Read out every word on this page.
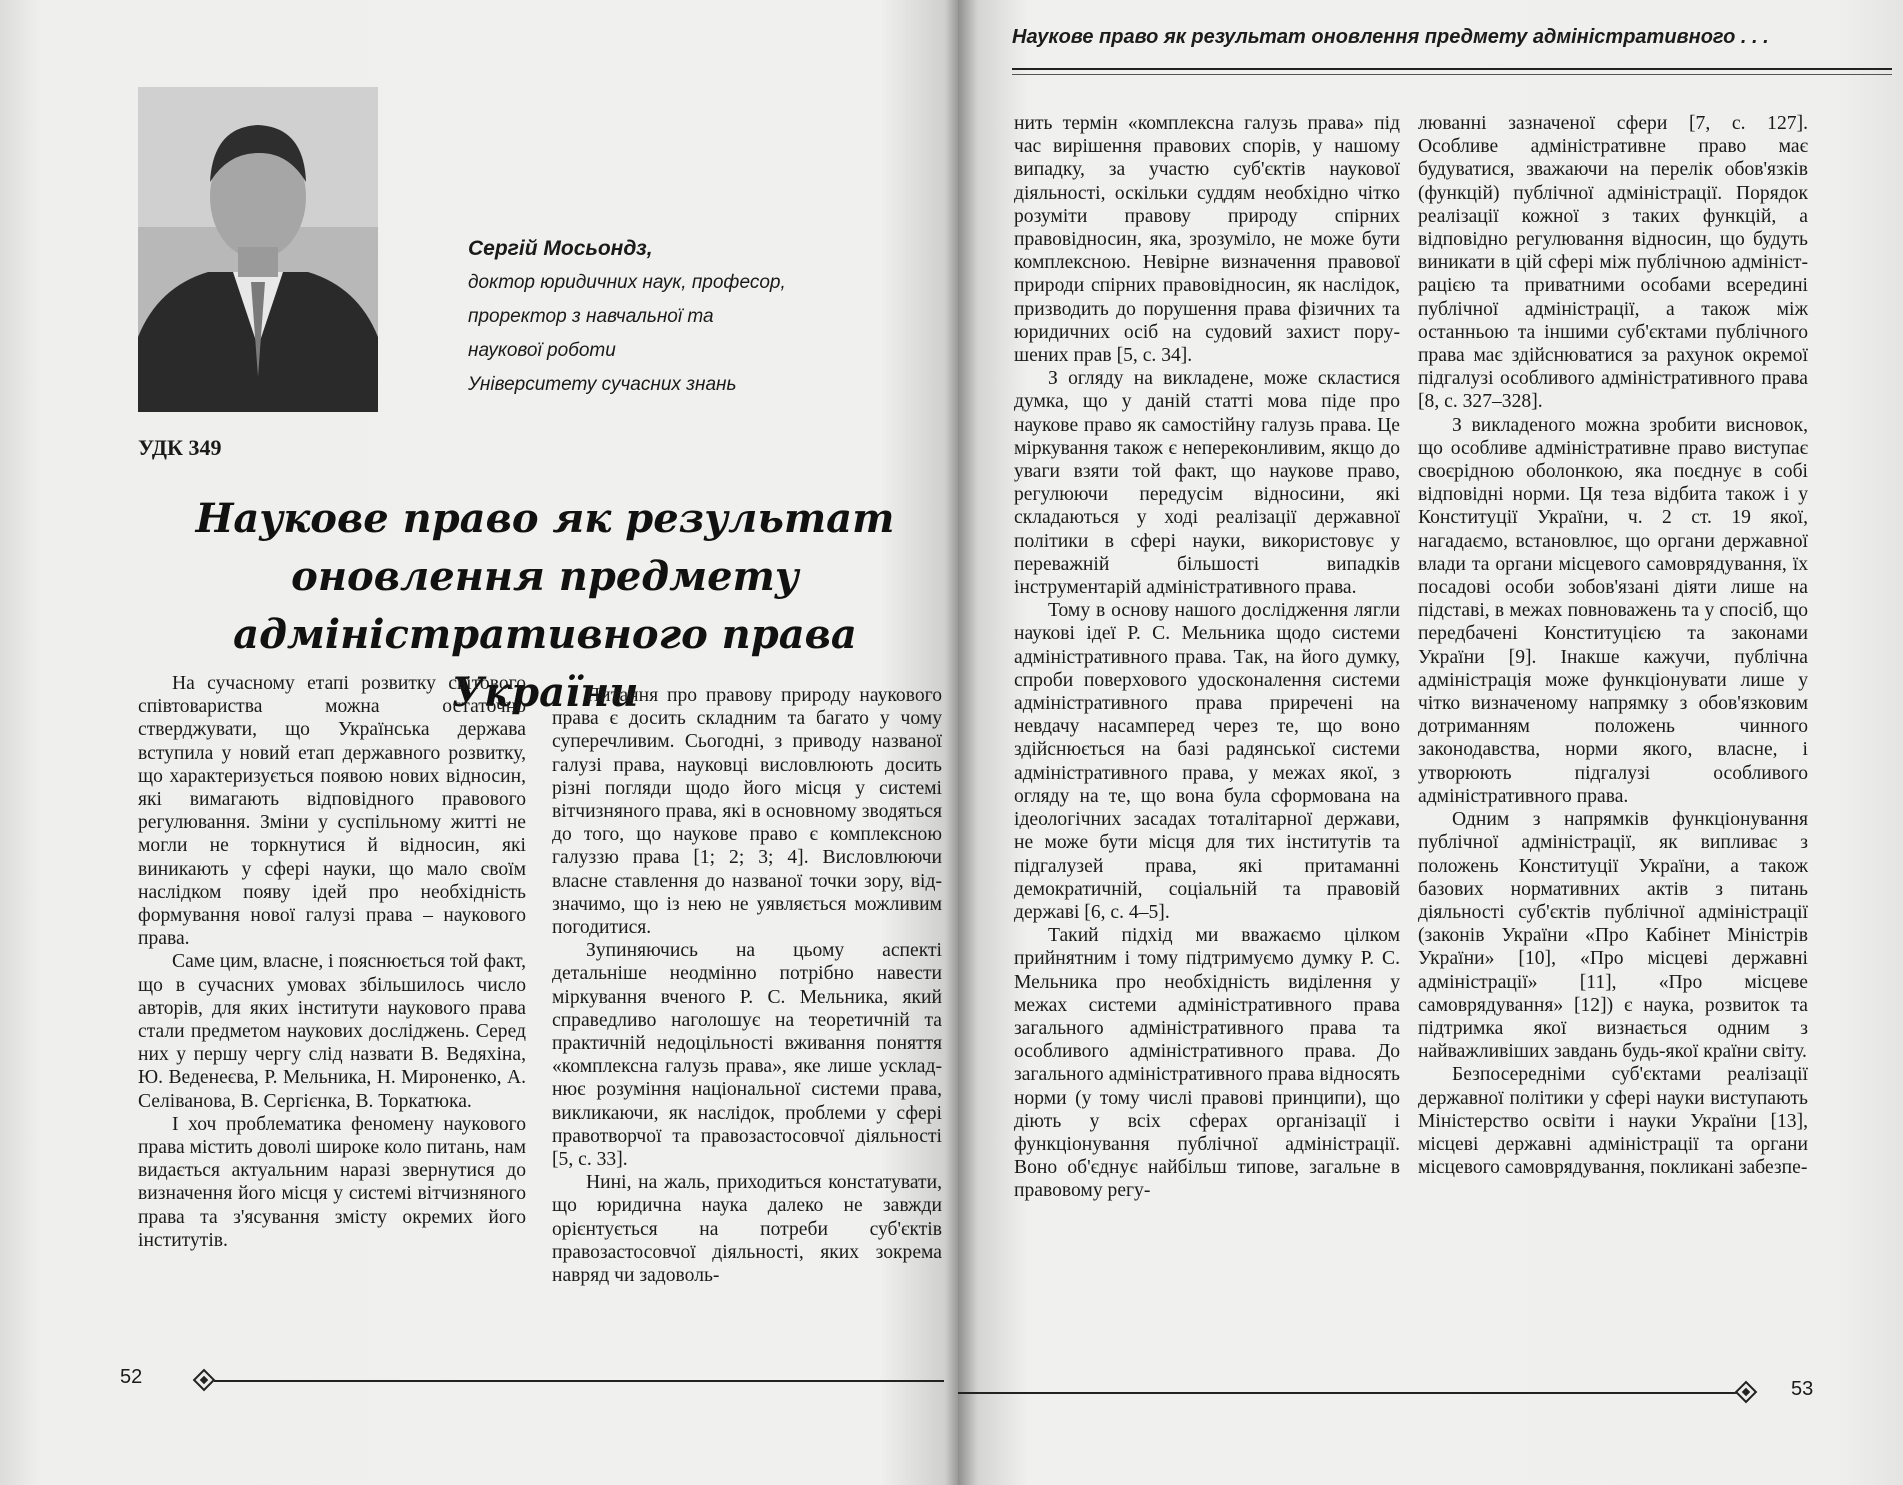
Сергій Мосьондз,
доктор юридичних наук, професор,
проректор з навчальної та
наукової роботи
Університету сучасних знань
УДК 349
Наукове право як результат
оновлення предмету
адміністративного права України

На сучасному етапі розвитку світового співтовариства можна остаточно стверджувати, що Українська держава вступила у новий етап державного розвитку, що характеризується появою нових відносин, які вимагають відповідного правового регулювання. Зміни у суспільному житті не могли не торкнутися й відносин, які виникають у сфері науки, що мало своїм наслідком появу ідей про необхідність формування нової галузі права – наукового права.

Саме цим, власне, і пояснюється той факт, що в сучасних умовах збільшилось число авторів, для яких інститути наукового права стали предметом наукових досліджень. Серед них у першу чергу слід назвати В. Ведяхіна, Ю. Веденеєва, Р. Мельника, Н. Мироненко, А. Селіванова, В. Сергієнка, В. Торкатюка.

І хоч проблематика феномену наукового права містить доволі широке коло питань, нам видається актуальним наразі звернутися до визначення його місця у системі вітчизняного права та з'ясування змісту окремих його інститутів.

Питання про правову природу наукового права є досить складним та багато у чому суперечливим. Сьогодні, з приводу названої галузі права, науковці висловлюють досить різні погляди щодо його місця у системі вітчизняного права, які в основному зводяться до того, що наукове право є комплексною галуззю права [1; 2; 3; 4]. Висловлюючи власне ставлення до названої точки зору, відзначимо, що із нею не уявляється можливим погодитися.

Зупиняючись на цьому аспекті детальніше неодмінно потрібно навести міркування вченого Р. С. Мельника, який справедливо наголошує на теоретичній та практичній недоцільності вживання поняття «комплексна галузь права», яке лише ускладнює розуміння національної системи права, викликаючи, як наслідок, проблеми у сфері правотворчої та правозастосовчої діяльності [5, с. 33].

Нині, на жаль, приходиться констатувати, що юридична наука далеко не завжди орієнтується на потреби суб'єктів правозастосовчої діяльності, яких зокрема навряд чи задоволь-

52
Наукове право як результат оновлення предмету адміністративного . . .

нить термін «комплексна галузь права» під час вирішення правових спорів, у нашому випадку, за участю суб'єктів наукової діяльності, оскільки суддям необхідно чітко розуміти правову природу спірних правовідносин, яка, зрозуміло, не може бути комплексною. Невірне визначення правової природи спірних правовідносин, як наслідок, призводить до порушення права фізичних та юридичних осіб на судовий захист порушених прав [5, с. 34].

З огляду на викладене, може скластися думка, що у даній статті мова піде про наукове право як самостійну галузь права. Це міркування також є непереконливим, якщо до уваги взяти той факт, що наукове право, регулюючи передусім відносини, які складаються у ході реалізації державної політики в сфері науки, використовує у переважній більшості випадків інструментарій адміністративного права.

Тому в основу нашого дослідження лягли наукові ідеї Р. С. Мельника щодо системи адміністративного права. Так, на його думку, спроби поверхового удосконалення системи адміністративного права приречені на невдачу насамперед через те, що воно здійснюється на базі радянської системи адміністративного права, у межах якої, з огляду на те, що вона була сформована на ідеологічних засадах тоталітарної держави, не може бути місця для тих інститутів та підгалузей права, які притаманні демократичній, соціальній та правовій державі [6, с. 4–5].

Такий підхід ми вважаємо цілком прийнятним і тому підтримуємо думку Р. С. Мельника про необхідність виділення у межах системи адміністративного права загального адміністративного права та особливого адміністративного права. До загального адміністративного права відносять норми (у тому числі правові принципи), що діють у всіх сферах організації і функціонування публічної адміністрації. Воно об'єднує найбільш типове, загальне в правовому регу-

люванні зазначеної сфери [7, с. 127]. Особливе адміністративне право має будуватися, зважаючи на перелік обов'язків (функцій) публічної адміністрації. Порядок реалізації кожної з таких функцій, а відповідно регулювання відносин, що будуть виникати в цій сфері між публічною адміністрацією та приватними особами всередині публічної адміністрації, а також між останньою та іншими суб'єктами публічного права має здійснюватися за рахунок окремої підгалузі особливого адміністративного права [8, с. 327–328].

З викладеного можна зробити висновок, що особливе адміністративне право виступає своєрідною оболонкою, яка поєднує в собі відповідні норми. Ця теза відбита також і у Конституції України, ч. 2 ст. 19 якої, нагадаємо, встановлює, що органи державної влади та органи місцевого самоврядування, їх посадові особи зобов'язані діяти лише на підставі, в межах повноважень та у спосіб, що передбачені Конституцією та законами України [9]. Інакше кажучи, публічна адміністрація може функціонувати лише у чітко визначеному напрямку з обов'язковим дотриманням положень чинного законодавства, норми якого, власне, і утворюють підгалузі особливого адміністративного права.

Одним з напрямків функціонування публічної адміністрації, як випливає з положень Конституції України, а також базових нормативних актів з питань діяльності суб'єктів публічної адміністрації (законів України «Про Кабінет Міністрів України» [10], «Про місцеві державні адміністрації» [11], «Про місцеве самоврядування» [12]) є наука, розвиток та підтримка якої визнається одним з найважливіших завдань будь-якої країни світу.

Безпосередніми суб'єктами реалізації державної політики у сфері науки виступають Міністерство освіти і науки України [13], місцеві державні адміністрації та органи місцевого самоврядування, покликані забезпе-

53
